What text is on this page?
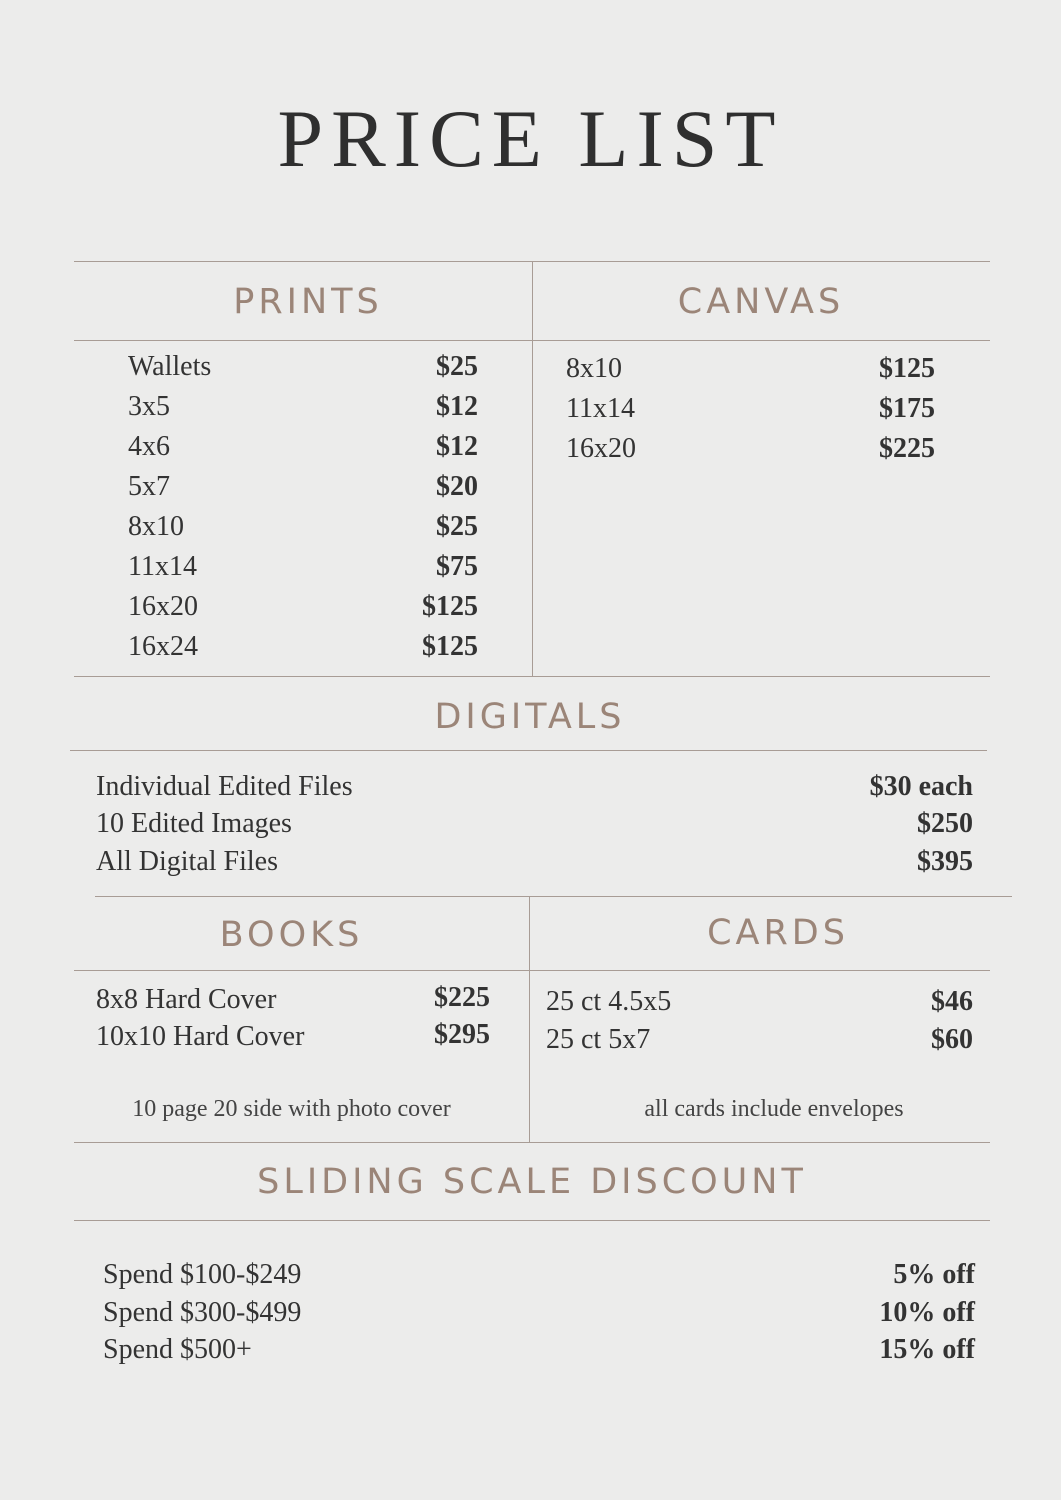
PRICE LIST
PRINTS
Wallets	$25
3x5	$12
4x6	$12
5x7	$20
8x10	$25
11x14	$75
16x20	$125
16x24	$125
CANVAS
8x10	$125
11x14	$175
16x20	$225
DIGITALS
Individual Edited Files	$30 each
10 Edited Images	$250
All Digital Files	$395
BOOKS
8x8 Hard Cover	$225
10x10 Hard Cover	$295
10 page 20 side with photo cover
CARDS
25 ct 4.5x5	$46
25 ct 5x7	$60
all cards include envelopes
SLIDING SCALE DISCOUNT
Spend $100-$249	5% off
Spend $300-$499	10% off
Spend $500+	15% off
